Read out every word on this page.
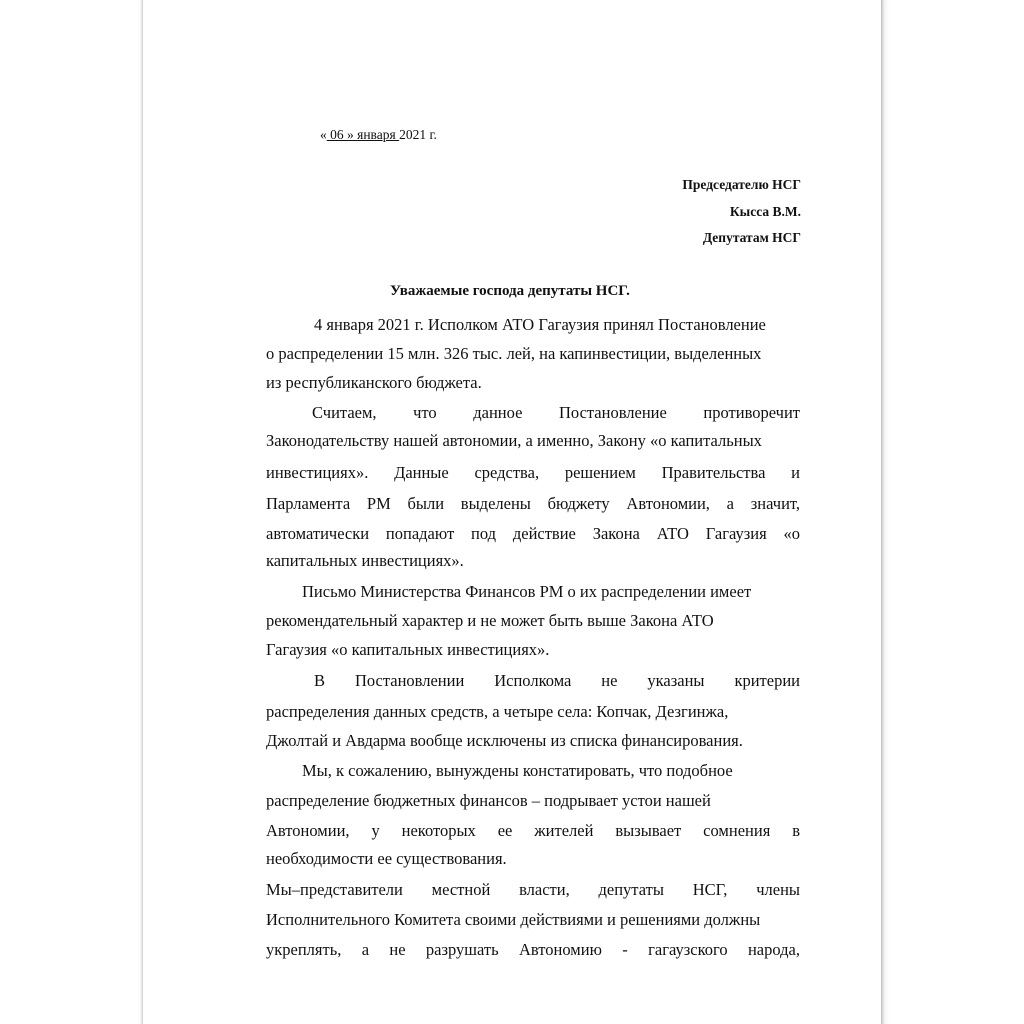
« 06 » января 2021 г.
Председателю НСГ
Кысса В.М.
Депутатам НСГ
Уважаемые господа депутаты НСГ.
4 января 2021 г. Исполком АТО Гагаузия принял Постановление
о распределении 15 млн. 326 тыс. лей, на капинвестиции, выделенных
из республиканского бюджета.
Считаем, что данное Постановление противоречит
Законодательству нашей автономии, а именно, Закону «о капитальных
инвестициях». Данные средства, решением Правительства и
Парламента РМ были выделены бюджету Автономии, а значит,
автоматически попадают под действие Закона АТО Гагаузия «о
капитальных инвестициях».
Письмо Министерства Финансов РМ о их распределении имеет
рекомендательный характер и не может быть выше Закона АТО
Гагаузия «о капитальных инвестициях».
В Постановлении Исполкома не указаны критерии
распределения данных средств, а четыре села: Копчак, Дезгинжа,
Джолтай и Авдарма вообще исключены из списка финансирования.
Мы, к сожалению, вынуждены констатировать, что подобное
распределение бюджетных финансов – подрывает устои нашей
Автономии, у некоторых ее жителей вызывает сомнения в
необходимости ее существования.
Мы–представители местной власти, депутаты НСГ, члены
Исполнительного Комитета своими действиями и решениями должны
укреплять, а не разрушать Автономию - гагаузского народа,
